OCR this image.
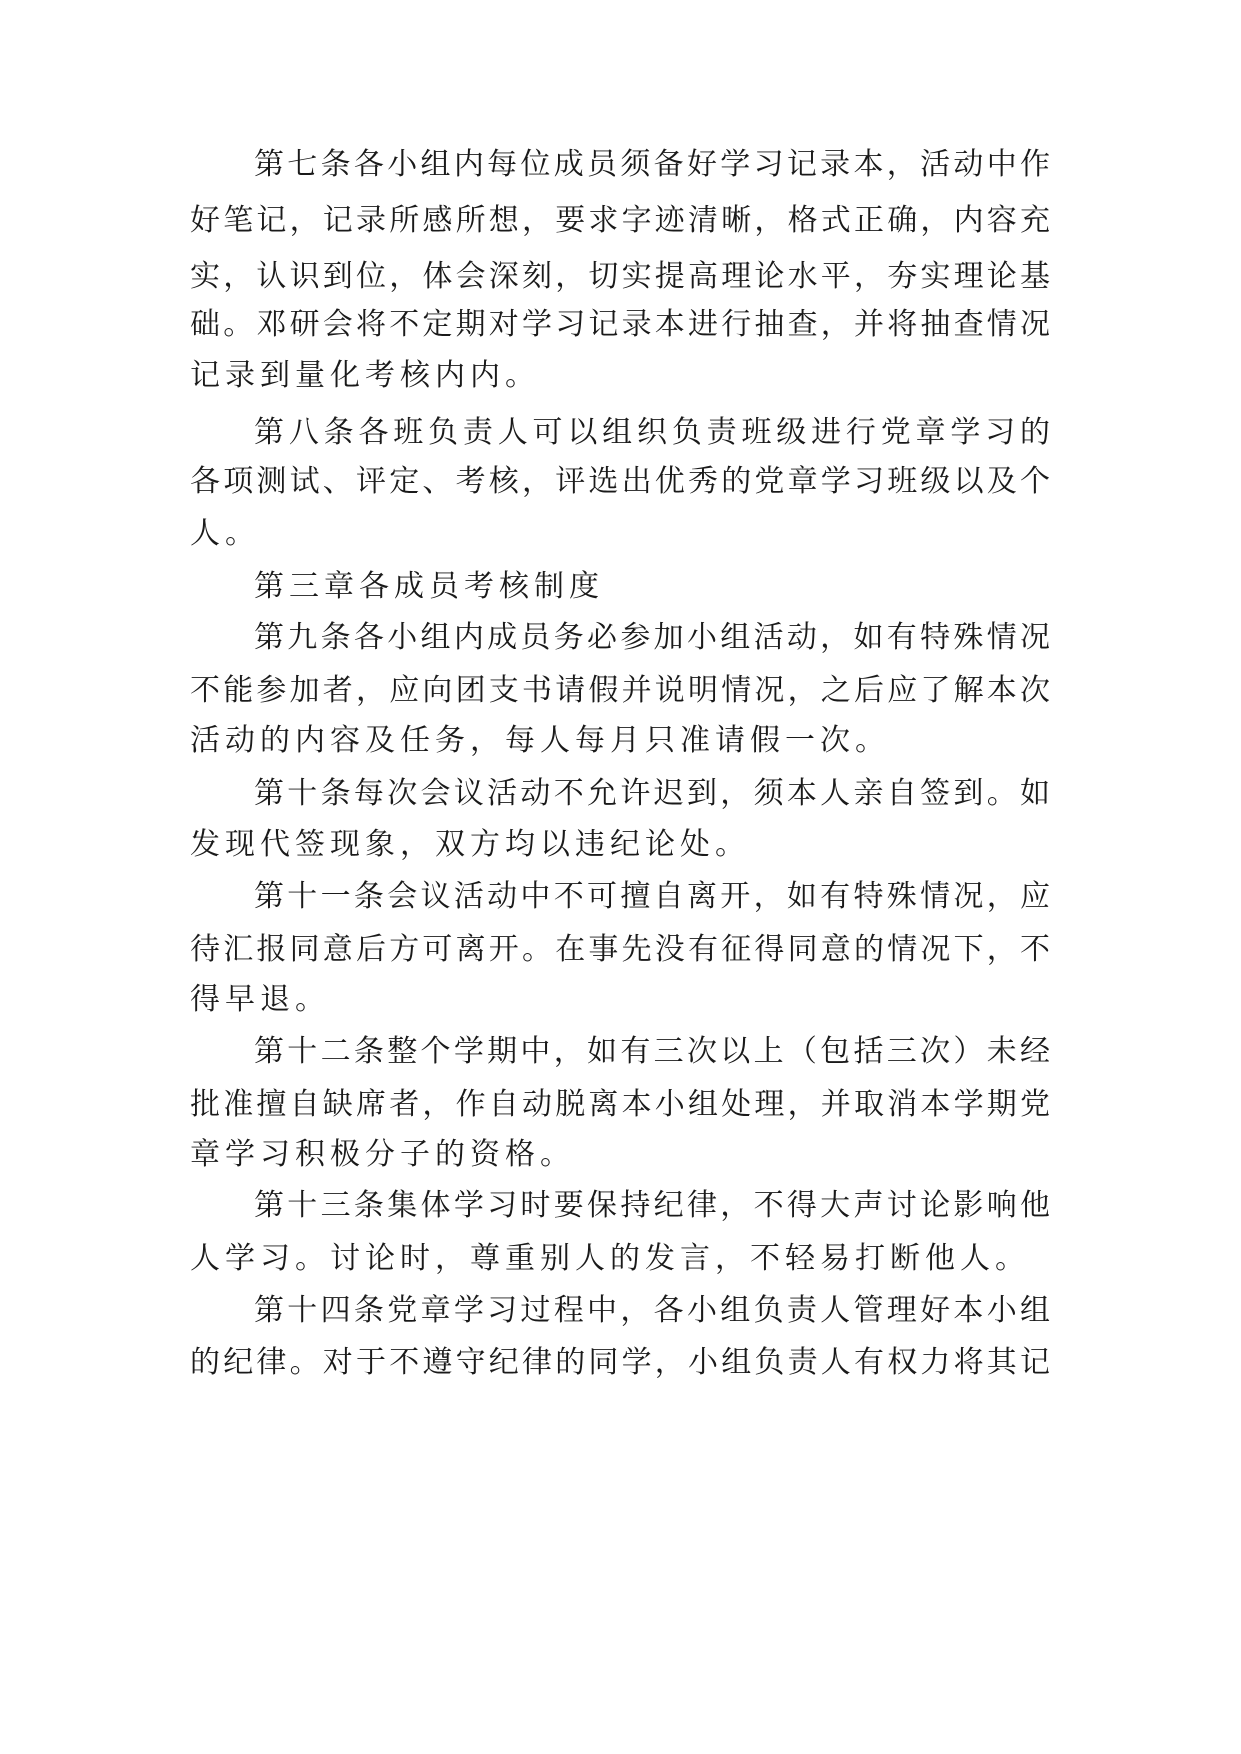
第七条各小组内每位成员须备好学习记录本，活动中作
好笔记，记录所感所想，要求字迹清晰，格式正确，内容充
实，认识到位，体会深刻，切实提高理论水平，夯实理论基
础。邓研会将不定期对学习记录本进行抽查，并将抽查情况
记录到量化考核内内。
第八条各班负责人可以组织负责班级进行党章学习的
各项测试、评定、考核，评选出优秀的党章学习班级以及个
人。
第三章各成员考核制度
第九条各小组内成员务必参加小组活动，如有特殊情况
不能参加者，应向团支书请假并说明情况，之后应了解本次
活动的内容及任务，每人每月只准请假一次。
第十条每次会议活动不允许迟到，须本人亲自签到。如
发现代签现象，双方均以违纪论处。
第十一条会议活动中不可擅自离开，如有特殊情况，应
待汇报同意后方可离开。在事先没有征得同意的情况下，不
得早退。
第十二条整个学期中，如有三次以上（包括三次）未经
批准擅自缺席者，作自动脱离本小组处理，并取消本学期党
章学习积极分子的资格。
第十三条集体学习时要保持纪律，不得大声讨论影响他
人学习。讨论时，尊重别人的发言，不轻易打断他人。
第十四条党章学习过程中，各小组负责人管理好本小组
的纪律。对于不遵守纪律的同学，小组负责人有权力将其记
